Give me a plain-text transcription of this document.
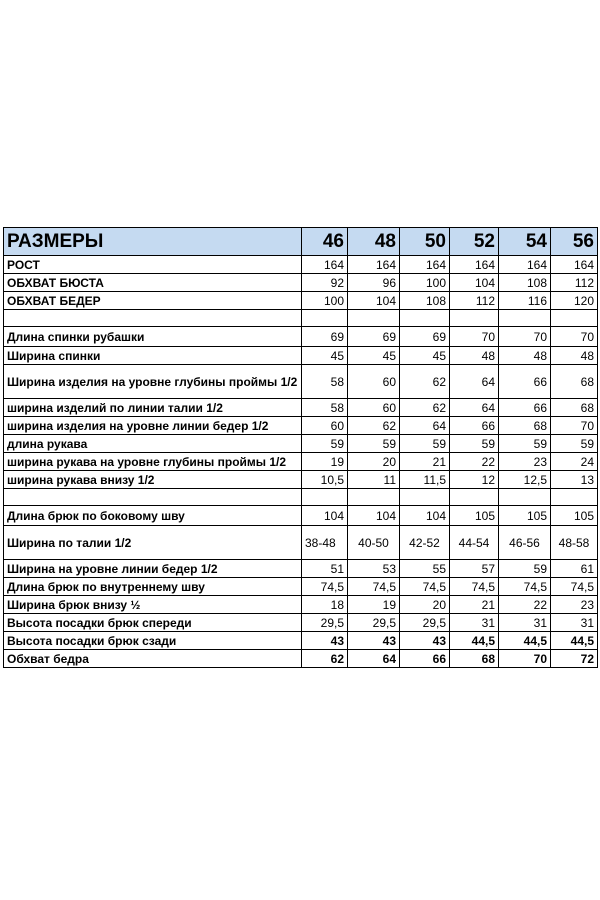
РАЗМЕРЫ	46	48	50	52	54	56
РОСТ	164	164	164	164	164	164
ОБХВАТ БЮСТА	92	96	100	104	108	112
ОБХВАТ БЕДЕР	100	104	108	112	116	120

Длина спинки рубашки	69	69	69	70	70	70
Ширина спинки	45	45	45	48	48	48
Ширина изделия на уровне глубины проймы 1/2	58	60	62	64	66	68
ширина изделий по линии талии 1/2	58	60	62	64	66	68
ширина изделия на уровне линии бедер 1/2	60	62	64	66	68	70
длина рукава	59	59	59	59	59	59
ширина рукава на уровне глубины проймы 1/2	19	20	21	22	23	24
ширина рукава внизу 1/2	10,5	11	11,5	12	12,5	13

Длина брюк по боковому шву	104	104	104	105	105	105
Ширина по талии 1/2	38-48	40-50	42-52	44-54	46-56	48-58
Ширина на уровне линии бедер 1/2	51	53	55	57	59	61
Длина брюк по внутреннему шву	74,5	74,5	74,5	74,5	74,5	74,5
Ширина брюк внизу ½	18	19	20	21	22	23
Высота посадки брюк спереди	29,5	29,5	29,5	31	31	31
Высота посадки брюк сзади	43	43	43	44,5	44,5	44,5
Обхват бедра	62	64	66	68	70	72
